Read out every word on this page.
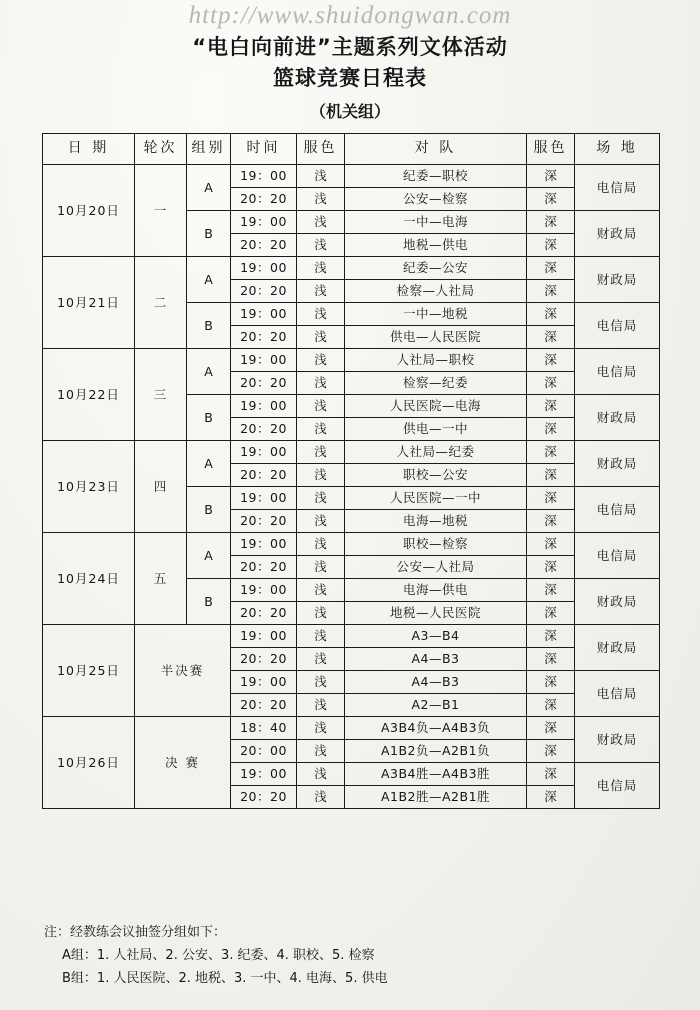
http://www.shuidongwan.com
“电白向前进”主题系列文体活动
篮球竞赛日程表
（机关组）
日 期	轮次	组别	时间	服色	对 队	服色	场 地
10月20日	一	A	19：00	浅	纪委—职校	深	电信局
			20：20	浅	公安—检察	深	
		B	19：00	浅	一中—电海	深	财政局
			20：20	浅	地税—供电	深	
10月21日	二	A	19：00	浅	纪委—公安	深	财政局
			20：20	浅	检察—人社局	深	
		B	19：00	浅	一中—地税	深	电信局
			20：20	浅	供电—人民医院	深	
10月22日	三	A	19：00	浅	人社局—职校	深	电信局
			20：20	浅	检察—纪委	深	
		B	19：00	浅	人民医院—电海	深	财政局
			20：20	浅	供电—一中	深	
10月23日	四	A	19：00	浅	人社局—纪委	深	财政局
			20：20	浅	职校—公安	深	
		B	19：00	浅	人民医院—一中	深	电信局
			20：20	浅	电海—地税	深	
10月24日	五	A	19：00	浅	职校—检察	深	电信局
			20：20	浅	公安—人社局	深	
		B	19：00	浅	电海—供电	深	财政局
			20：20	浅	地税—人民医院	深	
10月25日	半决赛		19：00	浅	A3—B4	深	财政局
			20：20	浅	A4—B3	深	
			19：00	浅	A4—B3	深	电信局
			20：20	浅	A2—B1	深	
10月26日	决 赛		18：40	浅	A3B4负—A4B3负	深	财政局
			20：00	浅	A1B2负—A2B1负	深	
			19：00	浅	A3B4胜—A4B3胜	深	电信局
			20：20	浅	A1B2胜—A2B1胜	深	
注：经教练会议抽签分组如下：
A组：1. 人社局、2. 公安、3. 纪委、4. 职校、5. 检察
B组：1. 人民医院、2. 地税、3. 一中、4. 电海、5. 供电
